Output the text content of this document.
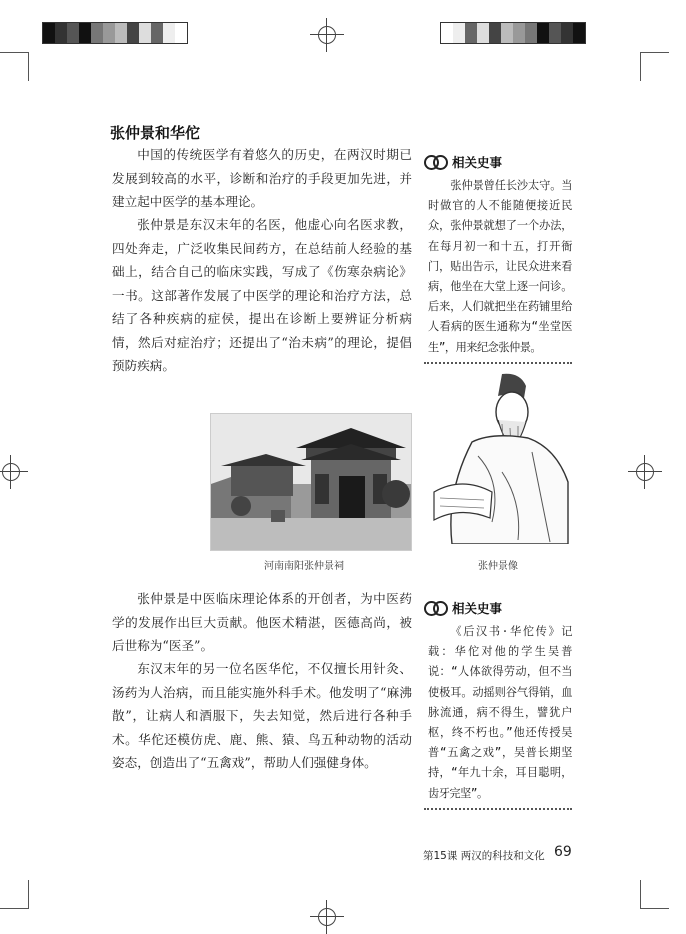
张仲景和华佗

中国的传统医学有着悠久的历史，在两汉时期已发展到较高的水平，诊断和治疗的手段更加先进，并建立起中医学的基本理论。

张仲景是东汉末年的名医，他虚心向名医求教，四处奔走，广泛收集民间药方，在总结前人经验的基础上，结合自己的临床实践，写成了《伤寒杂病论》一书。这部著作发展了中医学的理论和治疗方法，总结了各种疾病的症侯，提出在诊断上要辨证分析病情，然后对症治疗；还提出了“治未病”的理论，提倡预防疾病。

张仲景是中医临床理论体系的开创者，为中医药学的发展作出巨大贡献。他医术精湛，医德高尚，被后世称为“医圣”。

东汉末年的另一位名医华佗，不仅擅长用针灸、汤药为人治病，而且能实施外科手术。他发明了“麻沸散”，让病人和酒服下，失去知觉，然后进行各种手术。华佗还模仿虎、鹿、熊、猿、鸟五种动物的活动姿态，创造出了“五禽戏”，帮助人们强健身体。

相关史事
张仲景曾任长沙太守。当时做官的人不能随便接近民众，张仲景就想了一个办法，在每月初一和十五，打开衙门，贴出告示，让民众进来看病，他坐在大堂上逐一问诊。后来，人们就把坐在药铺里给人看病的医生通称为“坐堂医生”，用来纪念张仲景。
相关史事
《后汉书·华佗传》记载：华佗对他的学生吴普说：“人体欲得劳动，但不当使极耳。动摇则谷气得销，血脉流通，病不得生，譬犹户枢，终不朽也。”他还传授吴普“五禽之戏”，吴普长期坚持，“年九十余，耳目聪明，齿牙完坚”。
河南南阳张仲景祠	张仲景像
第15课 两汉的科技和文化 69
